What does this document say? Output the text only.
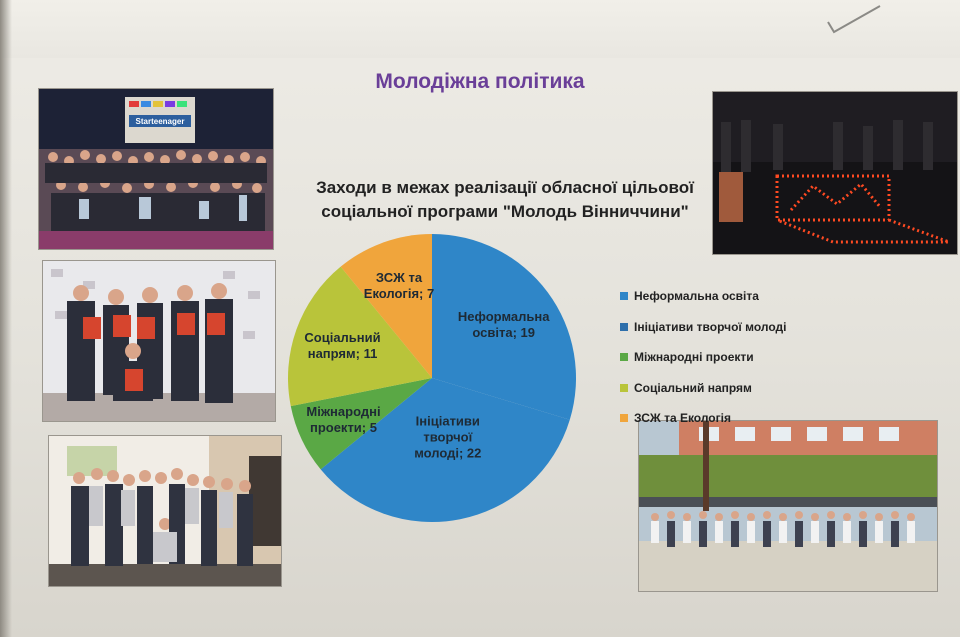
Молодіжна політика
Starteenager
Заходи в межах реалізації обласної цільової
соціальної програми "Молодь Вінниччини"
Неформальна освіта; 19
Ініціативи творчої молоді; 22
Міжнародні проекти; 5
Соціальний напрям; 11
ЗСЖ та Екологія; 7	Неформальна освіта
Ініціативи творчої молоді
Міжнародні проекти
Соціальний напрям
ЗСЖ та Екологія
